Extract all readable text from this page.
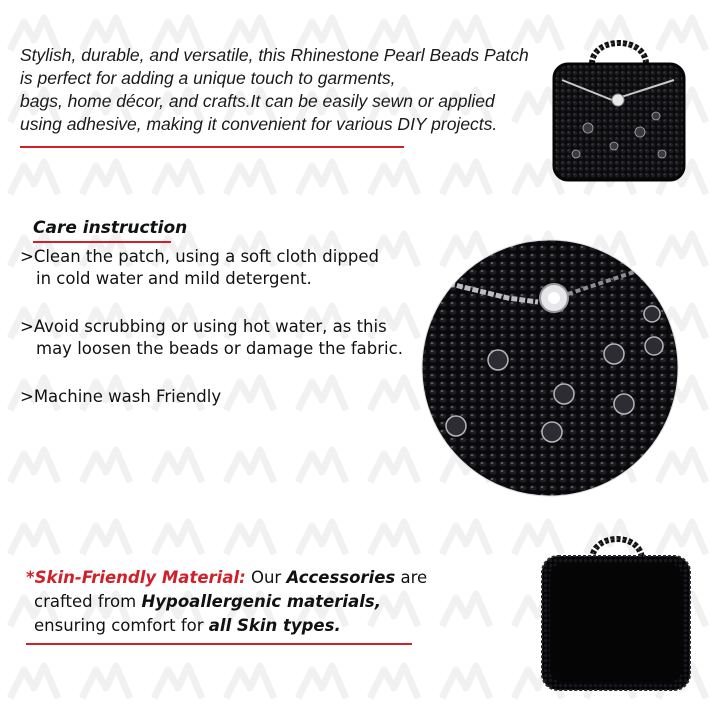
Stylish, durable, and versatile, this Rhinestone Pearl Beads Patch
is perfect for adding a unique touch to garments,
bags, home décor, and crafts.It can be easily sewn or applied
using adhesive, making it convenient for various DIY projects.
Care instruction
>Clean the patch, using a soft cloth dipped
in cold water and mild detergent.
>Avoid scrubbing or using hot water, as this
may loosen the beads or damage the fabric.
>Machine wash Friendly
*Skin-Friendly Material: Our Accessories are
crafted from Hypoallergenic materials,
ensuring comfort for all Skin types.
